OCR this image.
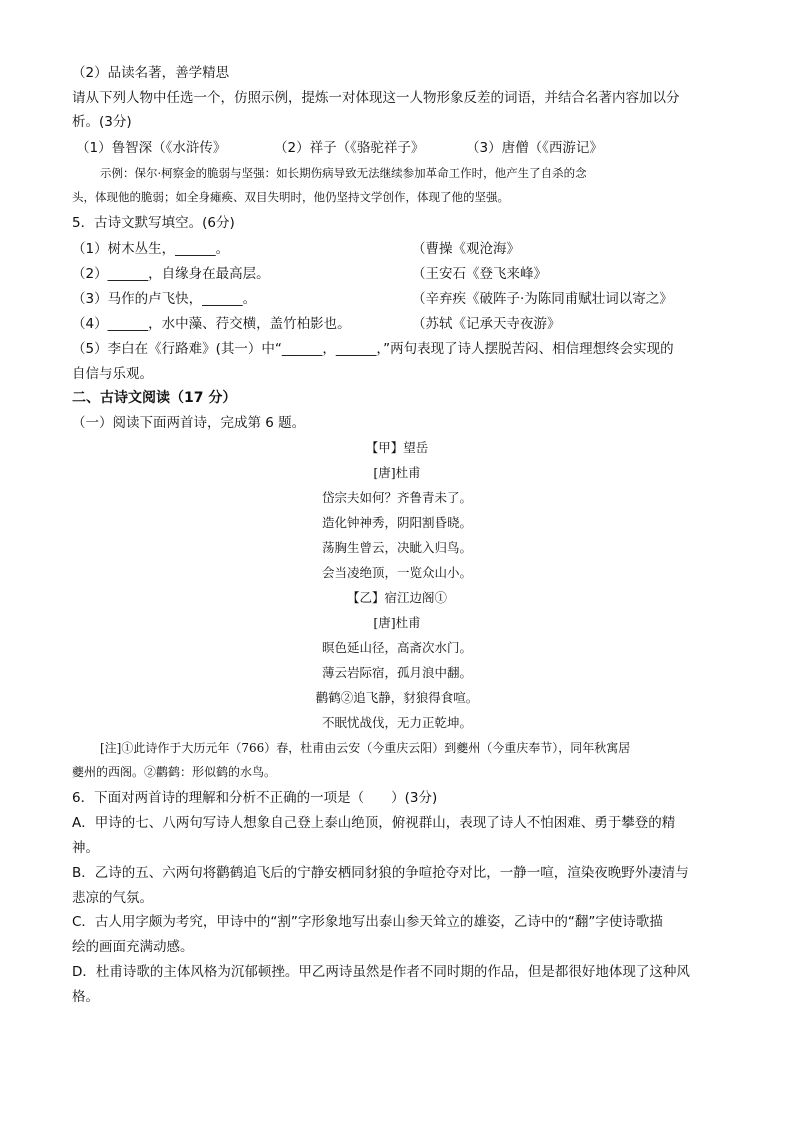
（2）品读名著，善学精思
请从下列人物中任选一个，仿照示例，提炼一对体现这一人物形象反差的词语，并结合名著内容加以分
析。(3分)
（1）鲁智深（《水浒传》	（2）祥子（《骆驼祥子》	（3）唐僧（《西游记》
示例：保尔·柯察金的脆弱与坚强：如长期伤病导致无法继续参加革命工作时，他产生了自杀的念
头，体现他的脆弱；如全身瘫痪、双目失明时，他仍坚持文学创作，体现了他的坚强。
5．古诗文默写填空。(6分)
（1）树木丛生，______。	（曹操《观沧海》
（2）______，自缘身在最高层。	（王安石《登飞来峰》
（3）马作的卢飞快，______。	（辛弃疾《破阵子·为陈同甫赋壮词以寄之》
（4）______，水中藻、荇交横，盖竹柏影也。	（苏轼《记承天寺夜游》
（5）李白在《行路难》(其一）中“______，______，”两句表现了诗人摆脱苦闷、相信理想终会实现的
自信与乐观。
二、古诗文阅读（17 分）
（一）阅读下面两首诗，完成第 6 题。
【甲】望岳
[唐]杜甫
岱宗夫如何？齐鲁青未了。
造化钟神秀，阴阳割昏晓。
荡胸生曾云，决眦入归鸟。
会当凌绝顶，一览众山小。
【乙】宿江边阁①
[唐]杜甫
暝色延山径，高斋次水门。
薄云岩际宿，孤月浪中翻。
鹳鹤②追飞静，豺狼得食喧。
不眠忧战伐，无力正乾坤。
[注]①此诗作于大历元年（766）春，杜甫由云安（今重庆云阳）到夔州（今重庆奉节），同年秋寓居
夔州的西阁。②鹳鹤：形似鹤的水鸟。
6．下面对两首诗的理解和分析不正确的一项是（　　）(3分)
A．甲诗的七、八两句写诗人想象自己登上泰山绝顶，俯视群山，表现了诗人不怕困难、勇于攀登的精
神。
B．乙诗的五、六两句将鹳鹤追飞后的宁静安栖同豺狼的争喧抢夺对比，一静一喧，渲染夜晚野外凄清与
悲凉的气氛。
C．古人用字颇为考究，甲诗中的“割”字形象地写出泰山参天耸立的雄姿，乙诗中的“翻”字使诗歌描
绘的画面充满动感。
D．杜甫诗歌的主体风格为沉郁顿挫。甲乙两诗虽然是作者不同时期的作品，但是都很好地体现了这种风
格。
